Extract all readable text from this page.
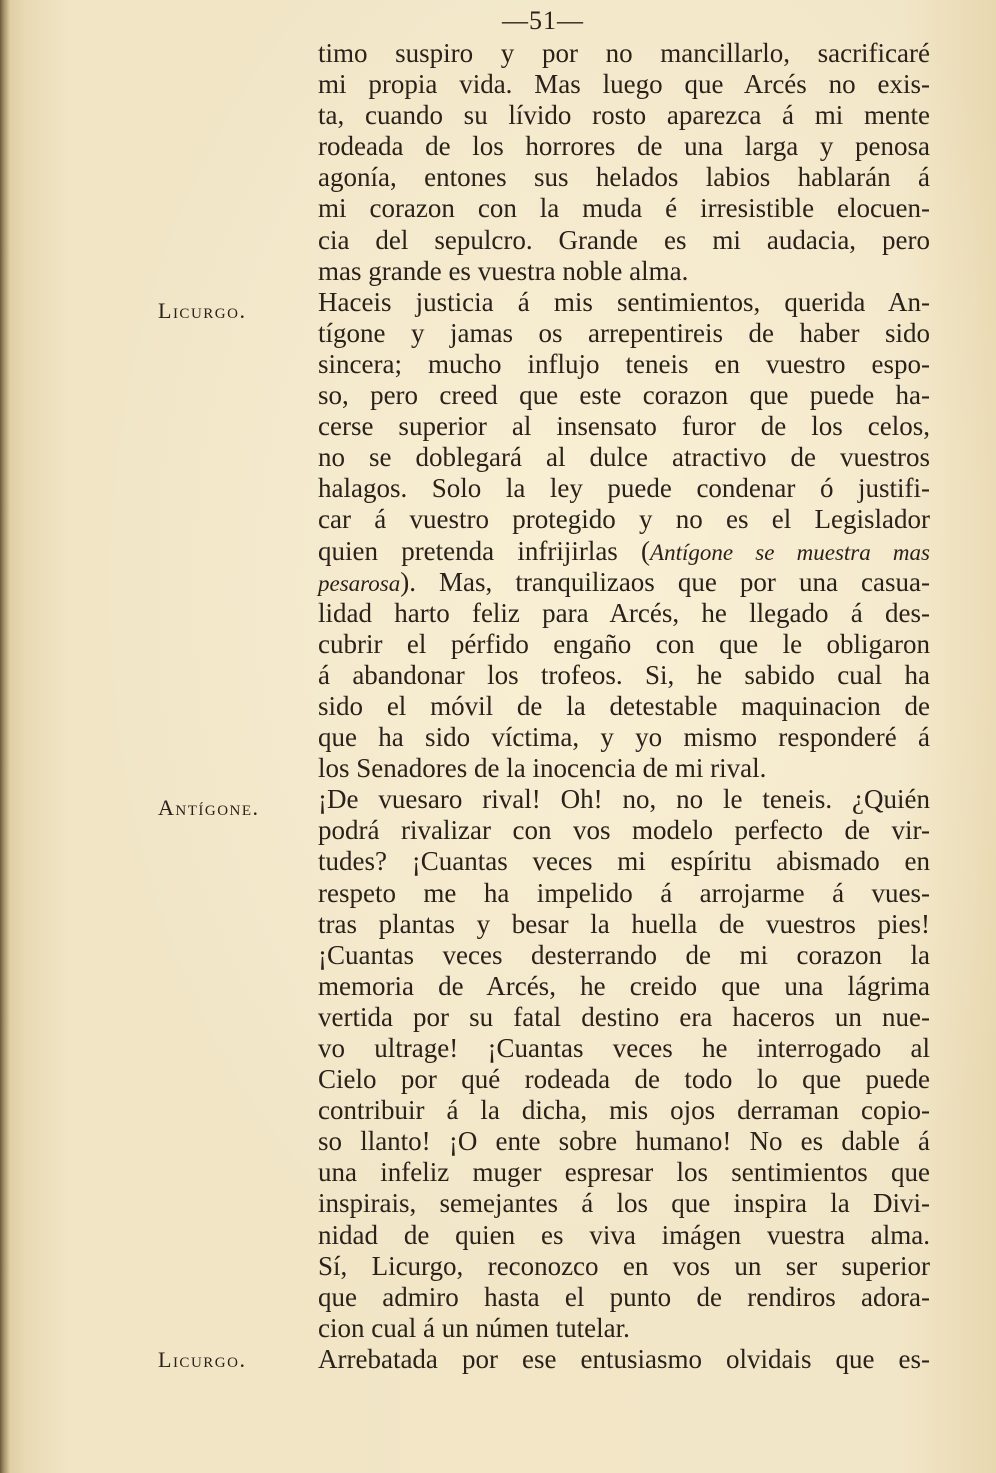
—51—
Licurgo.
Antígone.
Licurgo.
timo suspiro y por no mancillarlo, sacrificaré
mi propia vida. Mas luego que Arcés no exis-
ta, cuando su lívido rosto aparezca á mi mente
rodeada de los horrores de una larga y penosa
agonía, entones sus helados labios hablarán á
mi corazon con la muda é irresistible elocuen-
cia del sepulcro. Grande es mi audacia, pero
mas grande es vuestra noble alma.
Haceis justicia á mis sentimientos, querida An-
tígone y jamas os arrepentireis de haber sido
sincera; mucho influjo teneis en vuestro espo-
so, pero creed que este corazon que puede ha-
cerse superior al insensato furor de los celos,
no se doblegará al dulce atractivo de vuestros
halagos. Solo la ley puede condenar ó justifi-
car á vuestro protegido y no es el Legislador
quien pretenda infrijirlas (Antígone se muestra mas
pesarosa). Mas, tranquilizaos que por una casua-
lidad harto feliz para Arcés, he llegado á des-
cubrir el pérfido engaño con que le obligaron
á abandonar los trofeos. Si, he sabido cual ha
sido el móvil de la detestable maquinacion de
que ha sido víctima, y yo mismo responderé á
los Senadores de la inocencia de mi rival.
¡De vuesaro rival! Oh! no, no le teneis. ¿Quién
podrá rivalizar con vos modelo perfecto de vir-
tudes? ¡Cuantas veces mi espíritu abismado en
respeto me ha impelido á arrojarme á vues-
tras plantas y besar la huella de vuestros pies!
¡Cuantas veces desterrando de mi corazon la
memoria de Arcés, he creido que una lágrima
vertida por su fatal destino era haceros un nue-
vo ultrage! ¡Cuantas veces he interrogado al
Cielo por qué rodeada de todo lo que puede
contribuir á la dicha, mis ojos derraman copio-
so llanto! ¡O ente sobre humano! No es dable á
una infeliz muger espresar los sentimientos que
inspirais, semejantes á los que inspira la Divi-
nidad de quien es viva imágen vuestra alma.
Sí, Licurgo, reconozco en vos un ser superior
que admiro hasta el punto de rendiros adora-
cion cual á un númen tutelar.
Arrebatada por ese entusiasmo olvidais que es-
